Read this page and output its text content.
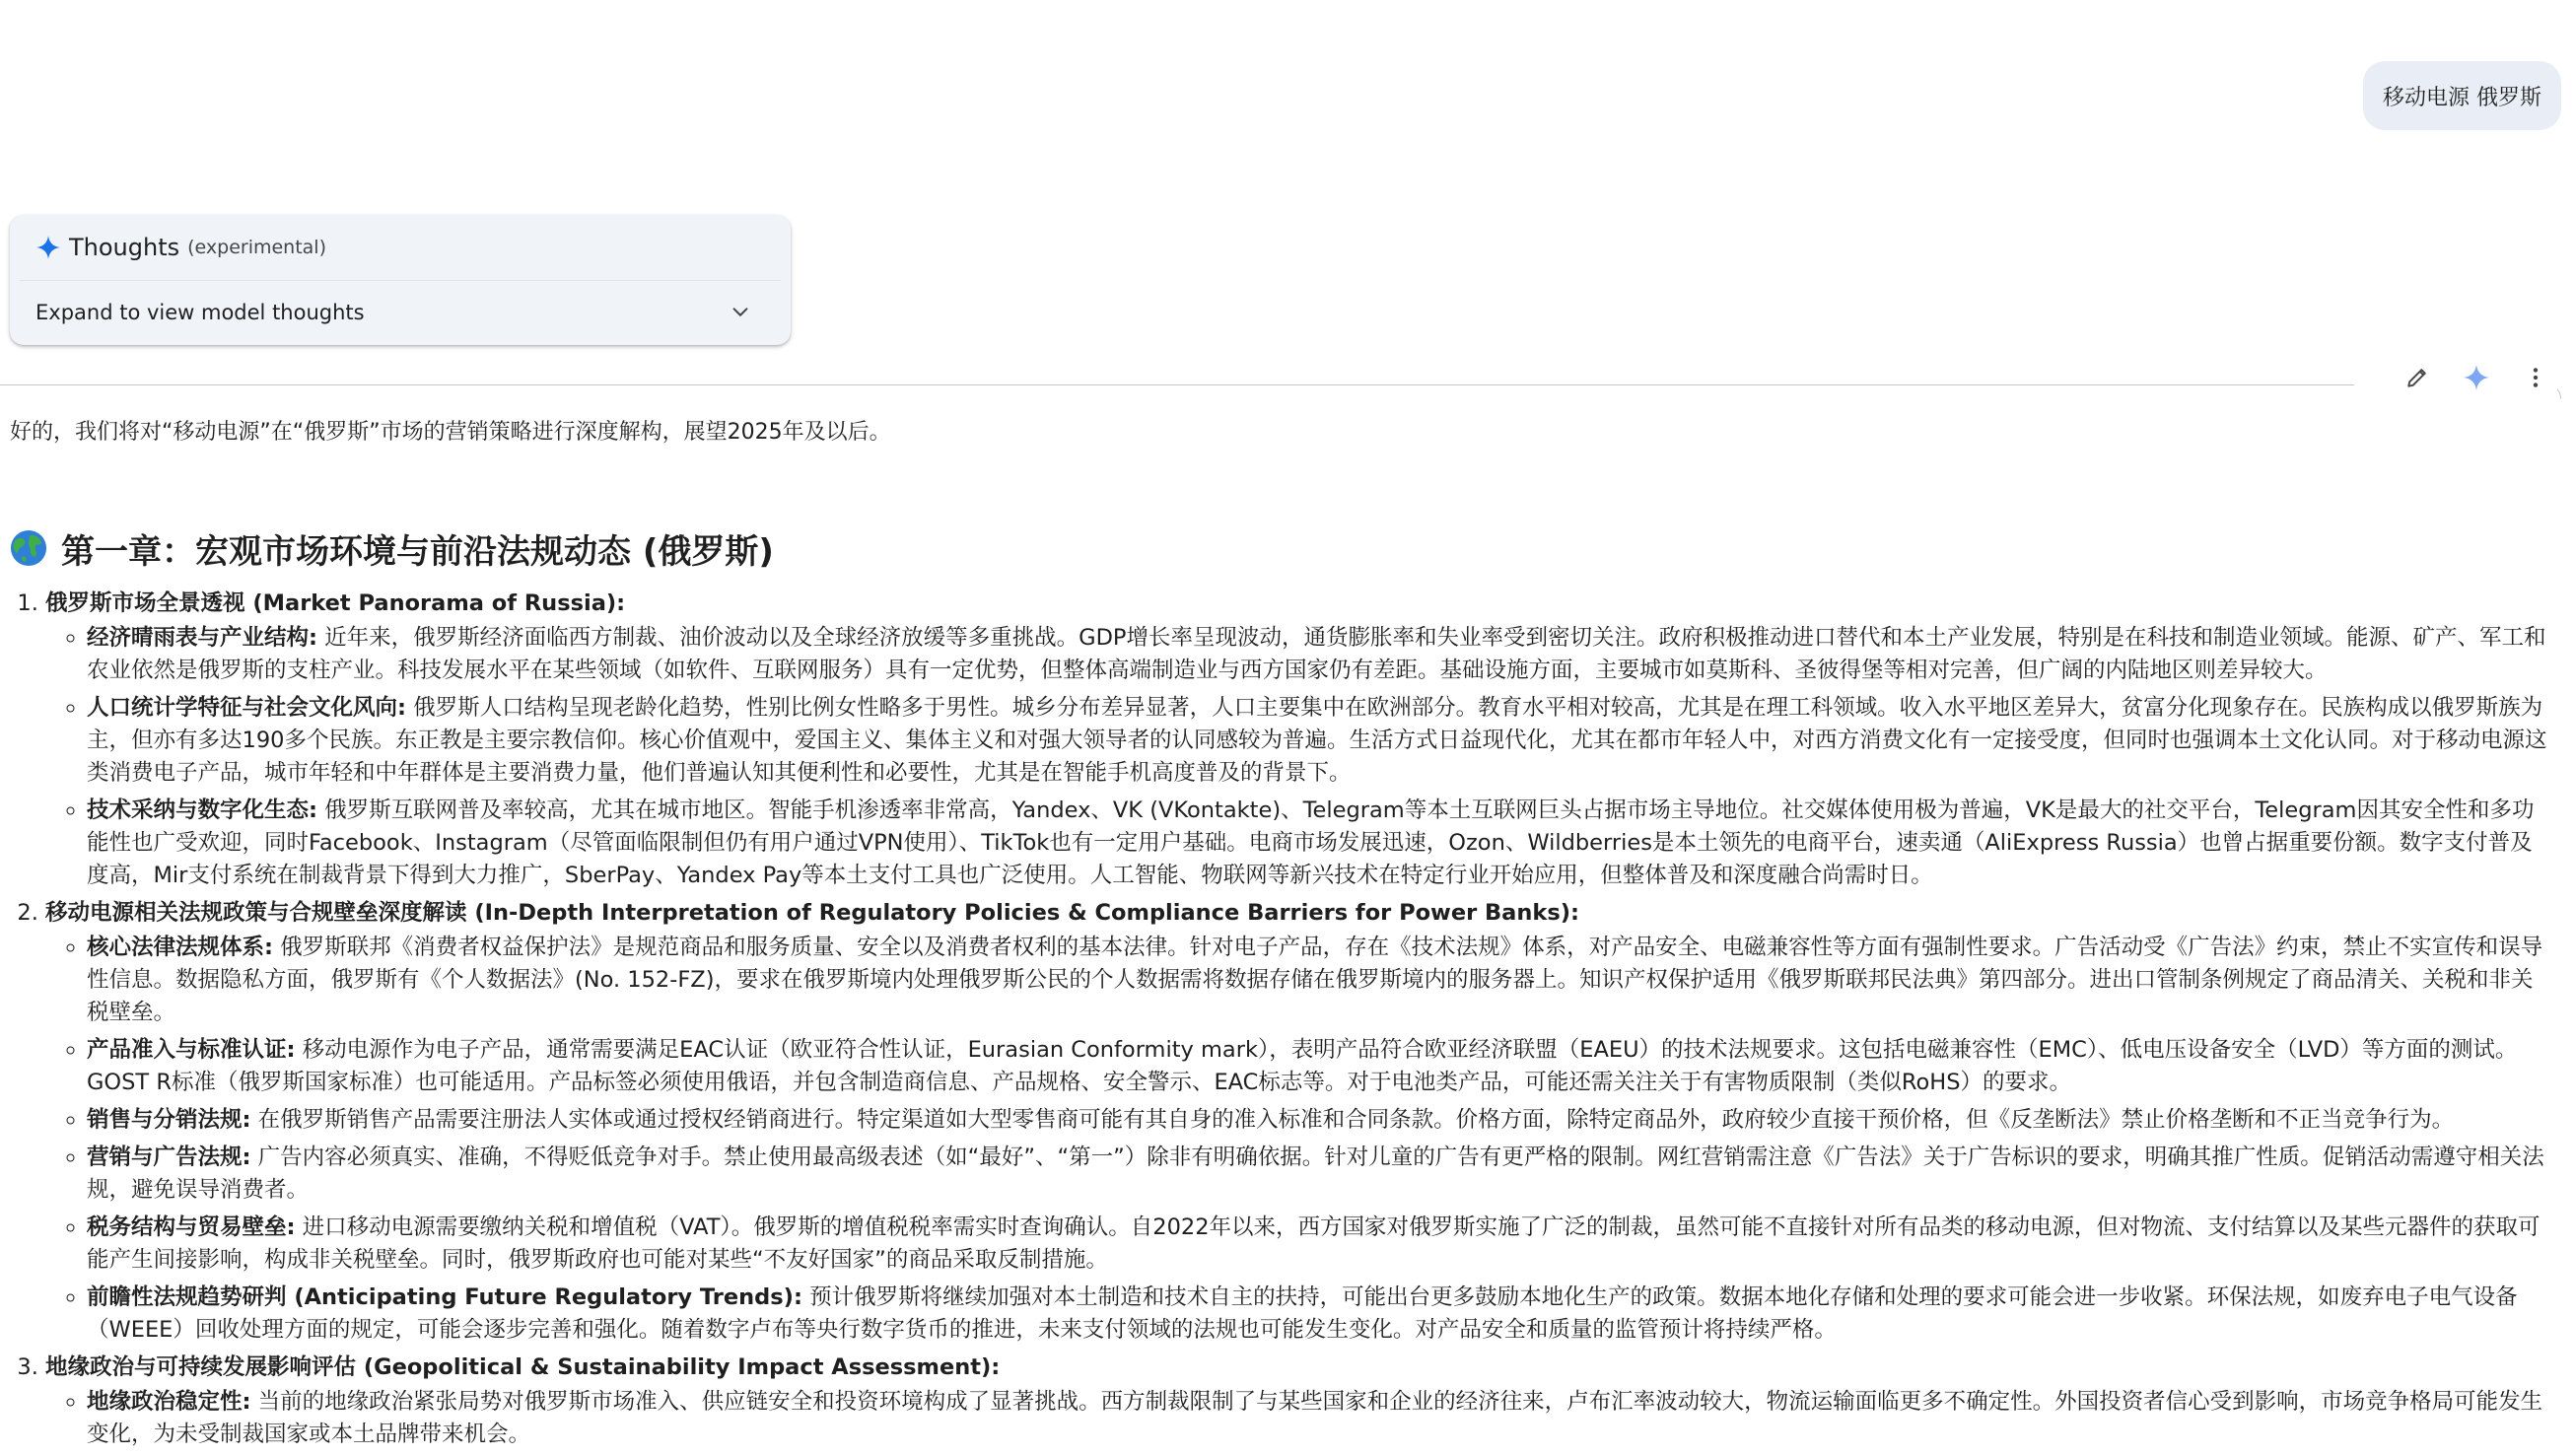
移动电源 俄罗斯
Thoughts (experimental)
Expand to view model thoughts

好的，我们将对“移动电源”在“俄罗斯”市场的营销策略进行深度解构，展望2025年及以后。

第一章：宏观市场环境与前沿法规动态 (俄罗斯)
1. 俄罗斯市场全景透视 (Market Panorama of Russia):
◦ 经济晴雨表与产业结构: 近年来，俄罗斯经济面临西方制裁、油价波动以及全球经济放缓等多重挑战。GDP增长率呈现波动，通货膨胀率和失业率受到密切关注。政府积极推动进口替代和本土产业发展，特别是在科技和制造业领域。能源、矿产、军工和农业依然是俄罗斯的支柱产业。科技发展水平在某些领域（如软件、互联网服务）具有一定优势，但整体高端制造业与西方国家仍有差距。基础设施方面，主要城市如莫斯科、圣彼得堡等相对完善，但广阔的内陆地区则差异较大。
◦ 人口统计学特征与社会文化风向: 俄罗斯人口结构呈现老龄化趋势，性别比例女性略多于男性。城乡分布差异显著，人口主要集中在欧洲部分。教育水平相对较高，尤其是在理工科领域。收入水平地区差异大，贫富分化现象存在。民族构成以俄罗斯族为主，但亦有多达190多个民族。东正教是主要宗教信仰。核心价值观中，爱国主义、集体主义和对强大领导者的认同感较为普遍。生活方式日益现代化，尤其在都市年轻人中，对西方消费文化有一定接受度，但同时也强调本土文化认同。对于移动电源这类消费电子产品，城市年轻和中年群体是主要消费力量，他们普遍认知其便利性和必要性，尤其是在智能手机高度普及的背景下。
◦ 技术采纳与数字化生态: 俄罗斯互联网普及率较高，尤其在城市地区。智能手机渗透率非常高，Yandex、VK (VKontakte)、Telegram等本土互联网巨头占据市场主导地位。社交媒体使用极为普遍，VK是最大的社交平台，Telegram因其安全性和多功能性也广受欢迎，同时Facebook、Instagram（尽管面临限制但仍有用户通过VPN使用）、TikTok也有一定用户基础。电商市场发展迅速，Ozon、Wildberries是本土领先的电商平台，速卖通（AliExpress Russia）也曾占据重要份额。数字支付普及度高，Mir支付系统在制裁背景下得到大力推广，SberPay、Yandex Pay等本土支付工具也广泛使用。人工智能、物联网等新兴技术在特定行业开始应用，但整体普及和深度融合尚需时日。
2. 移动电源相关法规政策与合规壁垒深度解读 (In-Depth Interpretation of Regulatory Policies & Compliance Barriers for Power Banks):
◦ 核心法律法规体系: 俄罗斯联邦《消费者权益保护法》是规范商品和服务质量、安全以及消费者权利的基本法律。针对电子产品，存在《技术法规》体系，对产品安全、电磁兼容性等方面有强制性要求。广告活动受《广告法》约束，禁止不实宣传和误导性信息。数据隐私方面，俄罗斯有《个人数据法》(No. 152-FZ)，要求在俄罗斯境内处理俄罗斯公民的个人数据需将数据存储在俄罗斯境内的服务器上。知识产权保护适用《俄罗斯联邦民法典》第四部分。进出口管制条例规定了商品清关、关税和非关税壁垒。
◦ 产品准入与标准认证: 移动电源作为电子产品，通常需要满足EAC认证（欧亚符合性认证，Eurasian Conformity mark），表明产品符合欧亚经济联盟（EAEU）的技术法规要求。这包括电磁兼容性（EMC）、低电压设备安全（LVD）等方面的测试。GOST R标准（俄罗斯国家标准）也可能适用。产品标签必须使用俄语，并包含制造商信息、产品规格、安全警示、EAC标志等。对于电池类产品，可能还需关注关于有害物质限制（类似RoHS）的要求。
◦ 销售与分销法规: 在俄罗斯销售产品需要注册法人实体或通过授权经销商进行。特定渠道如大型零售商可能有其自身的准入标准和合同条款。价格方面，除特定商品外，政府较少直接干预价格，但《反垄断法》禁止价格垄断和不正当竞争行为。
◦ 营销与广告法规: 广告内容必须真实、准确，不得贬低竞争对手。禁止使用最高级表述（如“最好”、“第一”）除非有明确依据。针对儿童的广告有更严格的限制。网红营销需注意《广告法》关于广告标识的要求，明确其推广性质。促销活动需遵守相关法规，避免误导消费者。
◦ 税务结构与贸易壁垒: 进口移动电源需要缴纳关税和增值税（VAT）。俄罗斯的增值税税率需实时查询确认。自2022年以来，西方国家对俄罗斯实施了广泛的制裁，虽然可能不直接针对所有品类的移动电源，但对物流、支付结算以及某些元器件的获取可能产生间接影响，构成非关税壁垒。同时，俄罗斯政府也可能对某些“不友好国家”的商品采取反制措施。
◦ 前瞻性法规趋势研判 (Anticipating Future Regulatory Trends): 预计俄罗斯将继续加强对本土制造和技术自主的扶持，可能出台更多鼓励本地化生产的政策。数据本地化存储和处理的要求可能会进一步收紧。环保法规，如废弃电子电气设备（WEEE）回收处理方面的规定，可能会逐步完善和强化。随着数字卢布等央行数字货币的推进，未来支付领域的法规也可能发生变化。对产品安全和质量的监管预计将持续严格。
3. 地缘政治与可持续发展影响评估 (Geopolitical & Sustainability Impact Assessment):
◦ 地缘政治稳定性: 当前的地缘政治紧张局势对俄罗斯市场准入、供应链安全和投资环境构成了显著挑战。西方制裁限制了与某些国家和企业的经济往来，卢布汇率波动较大，物流运输面临更多不确定性。外国投资者信心受到影响，市场竞争格局可能发生变化，为未受制裁国家或本土品牌带来机会。
